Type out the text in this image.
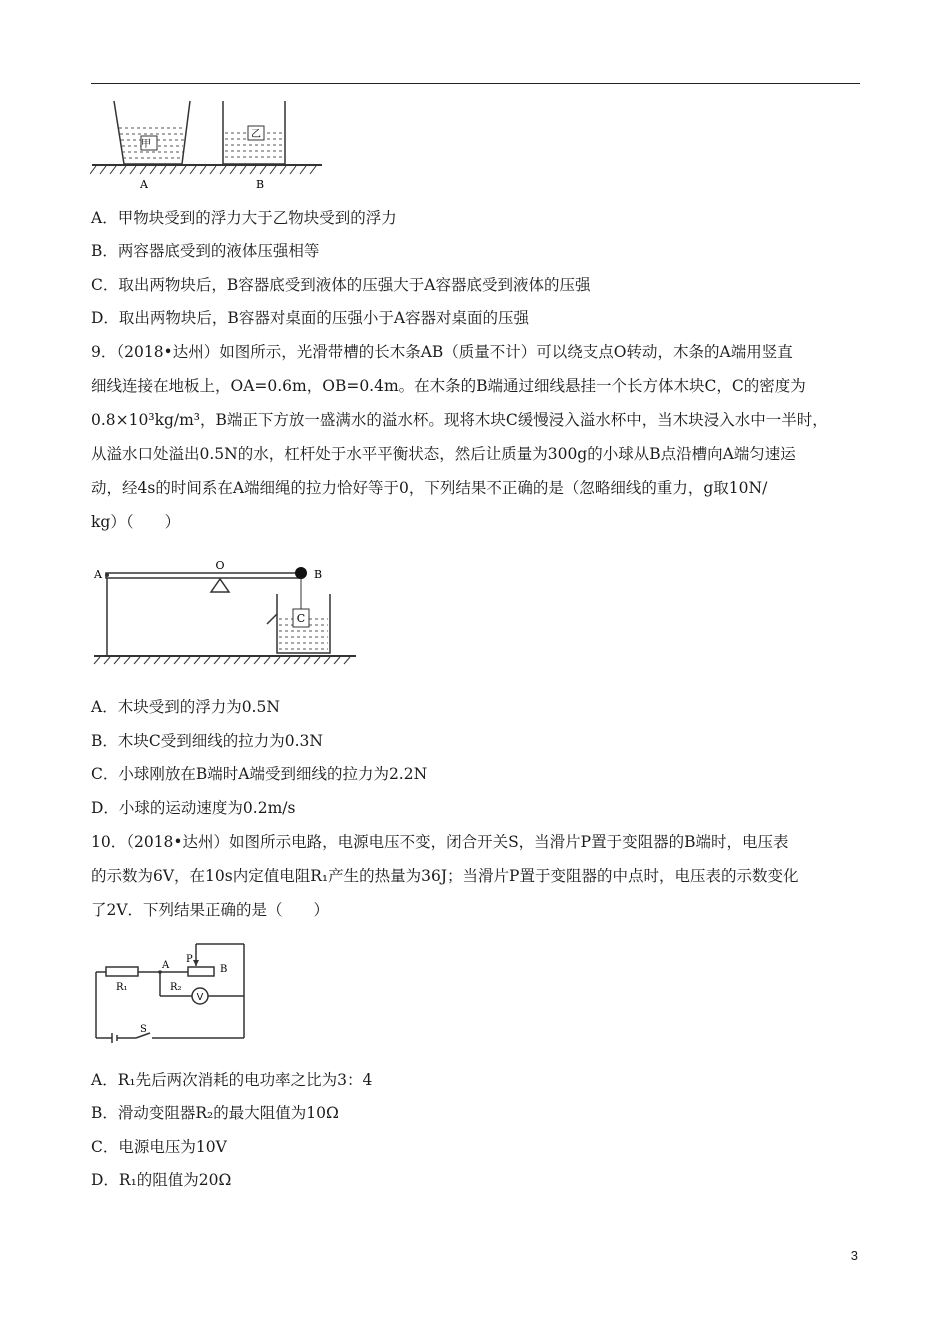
甲
乙
A	B
A．甲物块受到的浮力大于乙物块受到的浮力
B．两容器底受到的液体压强相等
C．取出两物块后，B容器底受到液体的压强大于A容器底受到液体的压强
D．取出两物块后，B容器对桌面的压强小于A容器对桌面的压强
9．（2018•达州）如图所示，光滑带槽的长木条AB（质量不计）可以绕支点O转动，木条的A端用竖直
细线连接在地板上，OA=0.6m，OB=0.4m。在木条的B端通过细线悬挂一个长方体木块C，C的密度为
0.8×10³kg/m³，B端正下方放一盛满水的溢水杯。现将木块C缓慢浸入溢水杯中，当木块浸入水中一半时，
从溢水口处溢出0.5N的水，杠杆处于水平平衡状态，然后让质量为300g的小球从B点沿槽向A端匀速运
动，经4s的时间系在A端细绳的拉力恰好等于0，下列结果不正确的是（忽略细线的重力，g取10N/
kg）（　　）
C
A
O
B
A．木块受到的浮力为0.5N
B．木块C受到细线的拉力为0.3N
C．小球刚放在B端时A端受到细线的拉力为2.2N
D．小球的运动速度为0.2m/s
10．（2018•达州）如图所示电路，电源电压不变，闭合开关S，当滑片P置于变阻器的B端时，电压表
的示数为6V，在10s内定值电阻R₁产生的热量为36J；当滑片P置于变阻器的中点时，电压表的示数变化
了2V．下列结果正确的是（　　）
V
R₁
A
P
B
R₂
S
A．R₁先后两次消耗的电功率之比为3：4
B．滑动变阻器R₂的最大阻值为10Ω
C．电源电压为10V
D．R₁的阻值为20Ω
3
